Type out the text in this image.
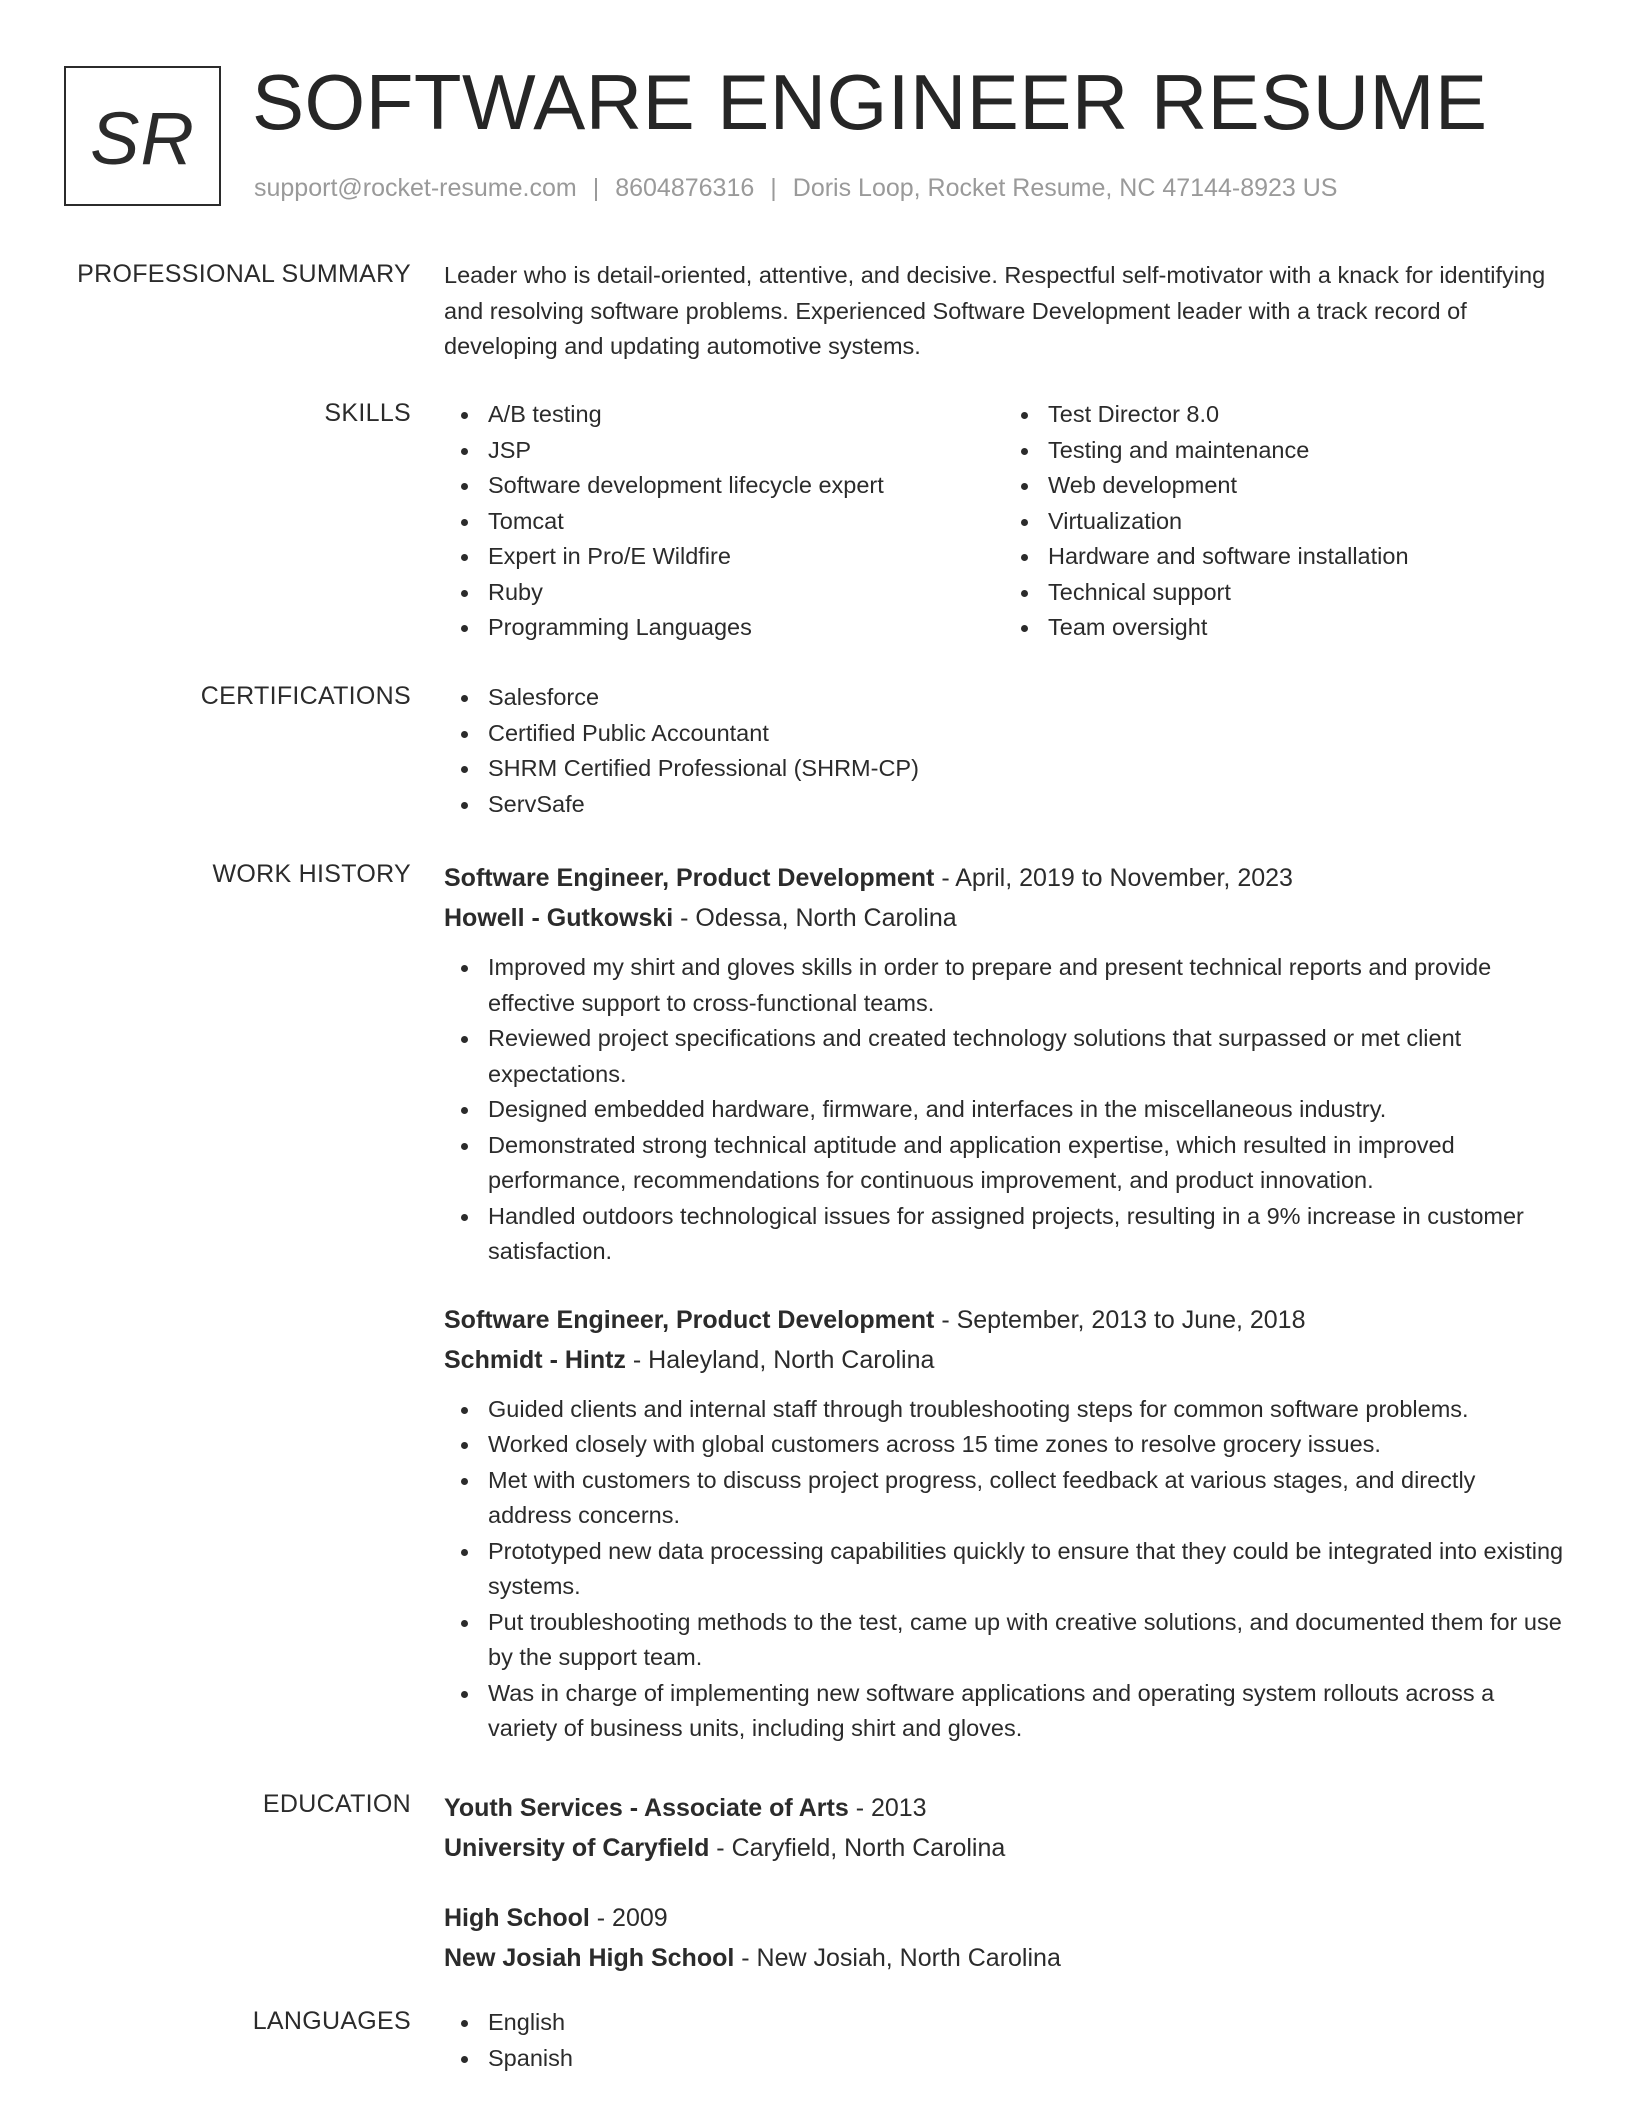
SR SOFTWARE ENGINEER RESUME
support@rocket-resume.com | 8604876316 | Doris Loop, Rocket Resume, NC 47144-8923 US
PROFESSIONAL SUMMARY Leader who is detail-oriented, attentive, and decisive. Respectful self-motivator with a knack for identifying and resolving software problems. Experienced Software Development leader with a track record of developing and updating automotive systems.
SKILLS	A/B testing
JSP
Software development lifecycle expert
Tomcat
Expert in Pro/E Wildfire
Ruby
Programming Languages
Test Director 8.0
Testing and maintenance
Web development
Virtualization
Hardware and software installation
Technical support
Team oversight
CERTIFICATIONS	Salesforce
Certified Public Accountant
SHRM Certified Professional (SHRM-CP)
ServSafe
WORK HISTORY Software Engineer, Product Development - April, 2019 to November, 2023
Howell - Gutkowski - Odessa, North Carolina
Improved my shirt and gloves skills in order to prepare and present technical reports and provide effective support to cross-functional teams.
Reviewed project specifications and created technology solutions that surpassed or met client expectations.
Designed embedded hardware, firmware, and interfaces in the miscellaneous industry.
Demonstrated strong technical aptitude and application expertise, which resulted in improved performance, recommendations for continuous improvement, and product innovation.
Handled outdoors technological issues for assigned projects, resulting in a 9% increase in customer satisfaction.
Software Engineer, Product Development - September, 2013 to June, 2018
Schmidt - Hintz - Haleyland, North Carolina
Guided clients and internal staff through troubleshooting steps for common software problems.
Worked closely with global customers across 15 time zones to resolve grocery issues.
Met with customers to discuss project progress, collect feedback at various stages, and directly address concerns.
Prototyped new data processing capabilities quickly to ensure that they could be integrated into existing systems.
Put troubleshooting methods to the test, came up with creative solutions, and documented them for use by the support team.
Was in charge of implementing new software applications and operating system rollouts across a variety of business units, including shirt and gloves.
EDUCATION Youth Services - Associate of Arts - 2013
University of Caryfield - Caryfield, North Carolina
High School - 2009
New Josiah High School - New Josiah, North Carolina
LANGUAGES	English
Spanish
